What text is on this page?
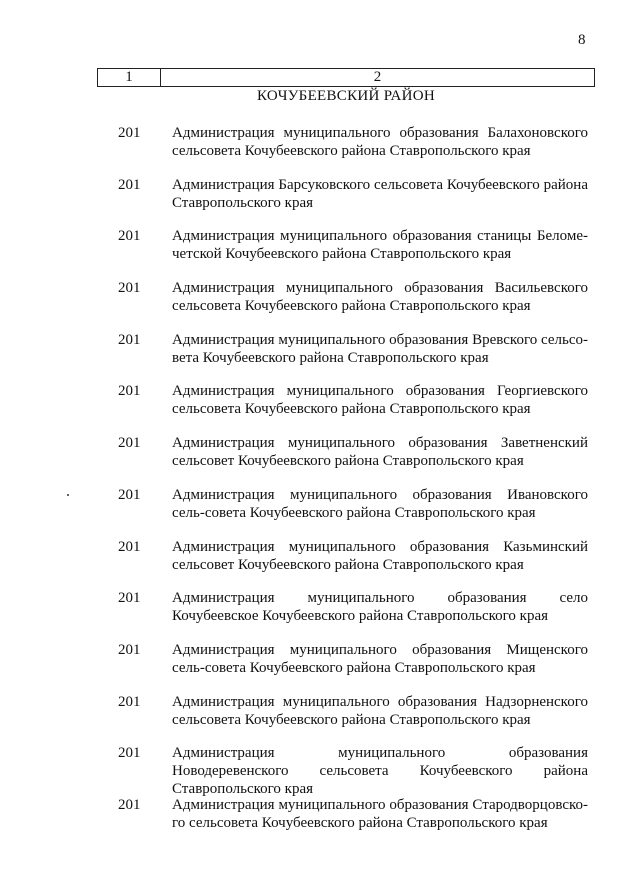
8
1	2
КОЧУБЕЕВСКИЙ РАЙОН
201 Администрация муниципального образования Балахоновского сельсовета Кочубеевского района Ставропольского края
201 Администрация Барсуковского сельсовета Кочубеевского района Ставропольского края
201 Администрация муниципального образования станицы Беломе-четской Кочубеевского района Ставропольского края
201 Администрация муниципального образования Васильевского сельсовета Кочубеевского района Ставропольского края
201 Администрация муниципального образования Вревского сельсо-вета Кочубеевского района Ставропольского края
201 Администрация муниципального образования Георгиевского сельсовета Кочубеевского района Ставропольского края
201 Администрация муниципального образования Заветненский сельсовет Кочубеевского района Ставропольского края
201 Администрация муниципального образования Ивановского сель-совета Кочубеевского района Ставропольского края
201 Администрация муниципального образования Казьминский сельсовет Кочубеевского района Ставропольского края
201 Администрация муниципального образования село Кочубеевское Кочубеевского района Ставропольского края
201 Администрация муниципального образования Мищенского сель-совета Кочубеевского района Ставропольского края
201 Администрация муниципального образования Надзорненского сельсовета Кочубеевского района Ставропольского края
201 Администрация муниципального образования Новодеревенского сельсовета Кочубеевского района Ставропольского края
201 Администрация муниципального образования Стародворцовско-го сельсовета Кочубеевского района Ставропольского края
